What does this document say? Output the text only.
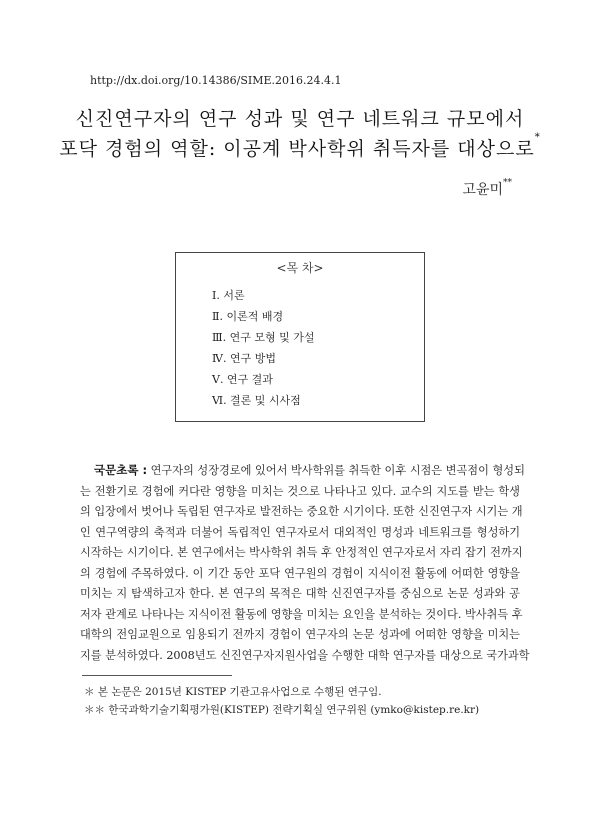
http://dx.doi.org/10.14386/SIME.2016.24.4.1
신진연구자의 연구 성과 및 연구 네트워크 규모에서
포닥 경험의 역할: 이공계 박사학위 취득자를 대상으로*
고윤미**
<목 차>
Ⅰ. 서론
Ⅱ. 이론적 배경
Ⅲ. 연구 모형 및 가설
Ⅳ. 연구 방법
Ⅴ. 연구 결과
Ⅵ. 결론 및 시사점
국문초록 : 연구자의 성장경로에 있어서 박사학위를 취득한 이후 시점은 변곡점이 형성되
는 전환기로 경험에 커다란 영향을 미치는 것으로 나타나고 있다. 교수의 지도를 받는 학생
의 입장에서 벗어나 독립된 연구자로 발전하는 중요한 시기이다. 또한 신진연구자 시기는 개
인 연구역량의 축적과 더불어 독립적인 연구자로서 대외적인 명성과 네트워크를 형성하기
시작하는 시기이다. 본 연구에서는 박사학위 취득 후 안정적인 연구자로서 자리 잡기 전까지
의 경험에 주목하였다. 이 기간 동안 포닥 연구원의 경험이 지식이전 활동에 어떠한 영향을
미치는 지 탐색하고자 한다. 본 연구의 목적은 대학 신진연구자를 중심으로 논문 성과와 공
저자 관계로 나타나는 지식이전 활동에 영향을 미치는 요인을 분석하는 것이다. 박사취득 후
대학의 전임교원으로 임용되기 전까지 경험이 연구자의 논문 성과에 어떠한 영향을 미치는
지를 분석하였다. 2008년도 신진연구자지원사업을 수행한 대학 연구자를 대상으로 국가과학
＊ 본 논문은 2015년 KISTEP 기관고유사업으로 수행된 연구임.
＊＊ 한국과학기술기획평가원(KISTEP) 전략기획실 연구위원 (ymko@kistep.re.kr)
